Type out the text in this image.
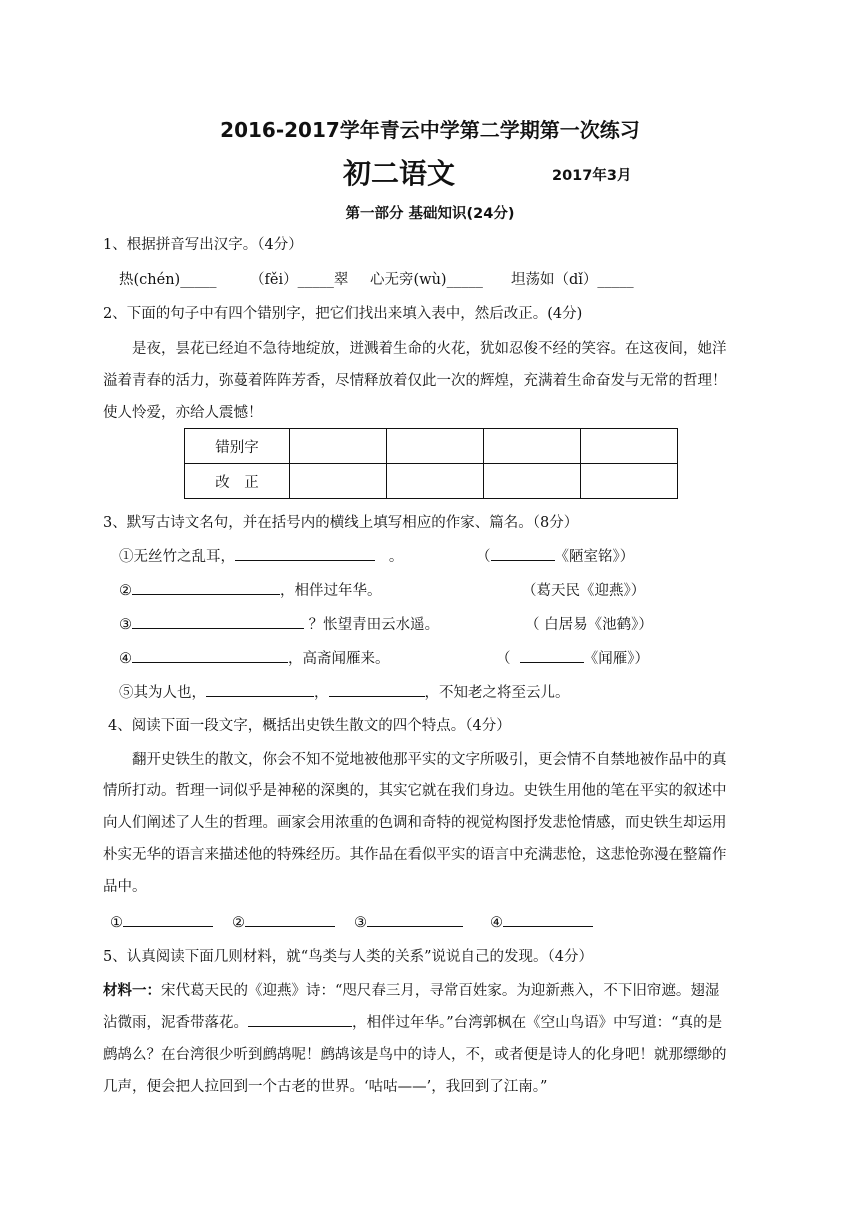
2016-2017学年青云中学第二学期第一次练习
初二语文	2017年3月
第一部分 基础知识(24分)
1、根据拼音写出汉字。（4分）
热(chén)_____ （fěi）_____翠 心无旁(wù)_____ 坦荡如（dǐ）_____
2、下面的句子中有四个错别字，把它们找出来填入表中，然后改正。(4分)
是夜，昙花已经迫不急待地绽放，迸溅着生命的火花，犹如忍俊不经的笑容。在这夜间，她洋
溢着青春的活力，弥蔓着阵阵芳香，尽情释放着仅此一次的辉煌，充满着生命奋发与无常的哲理！
使人怜爱，亦给人震憾！
错别字				
改　正				
3、默写古诗文名句，并在括号内的横线上填写相应的作家、篇名。（8分）
①无丝竹之乱耳，	。	（	《陋室铭》）
②	，相伴过年华。	（葛天民《迎燕》）
③	？怅望青田云水遥。	（ 白居易《池鹤》）
④	，高斋闻雁来。	（	《闻雁》）
⑤其为人也，	，	，不知老之将至云儿。
4、阅读下面一段文字，概括出史铁生散文的四个特点。（4分）
翻开史铁生的散文，你会不知不觉地被他那平实的文字所吸引，更会情不自禁地被作品中的真
情所打动。哲理一词似乎是神秘的深奥的，其实它就在我们身边。史铁生用他的笔在平实的叙述中
向人们阐述了人生的哲理。画家会用浓重的色调和奇特的视觉构图抒发悲怆情感，而史铁生却运用
朴实无华的语言来描述他的特殊经历。其作品在看似平实的语言中充满悲怆，这悲怆弥漫在整篇作
品中。
①	②	③	④
5、认真阅读下面几则材料，就“鸟类与人类的关系”说说自己的发现。（4分）
材料一：宋代葛天民的《迎燕》诗：“咫尺春三月，寻常百姓家。为迎新燕入，不下旧帘遮。翅湿
沾微雨，泥香带落花。	，相伴过年华。”台湾郭枫在《空山鸟语》中写道：“真的是
鹧鸪么？在台湾很少听到鹧鸪呢！鹧鸪该是鸟中的诗人，不，或者便是诗人的化身吧！就那缥缈的
几声，便会把人拉回到一个古老的世界。‘咕咕——’，我回到了江南。”
